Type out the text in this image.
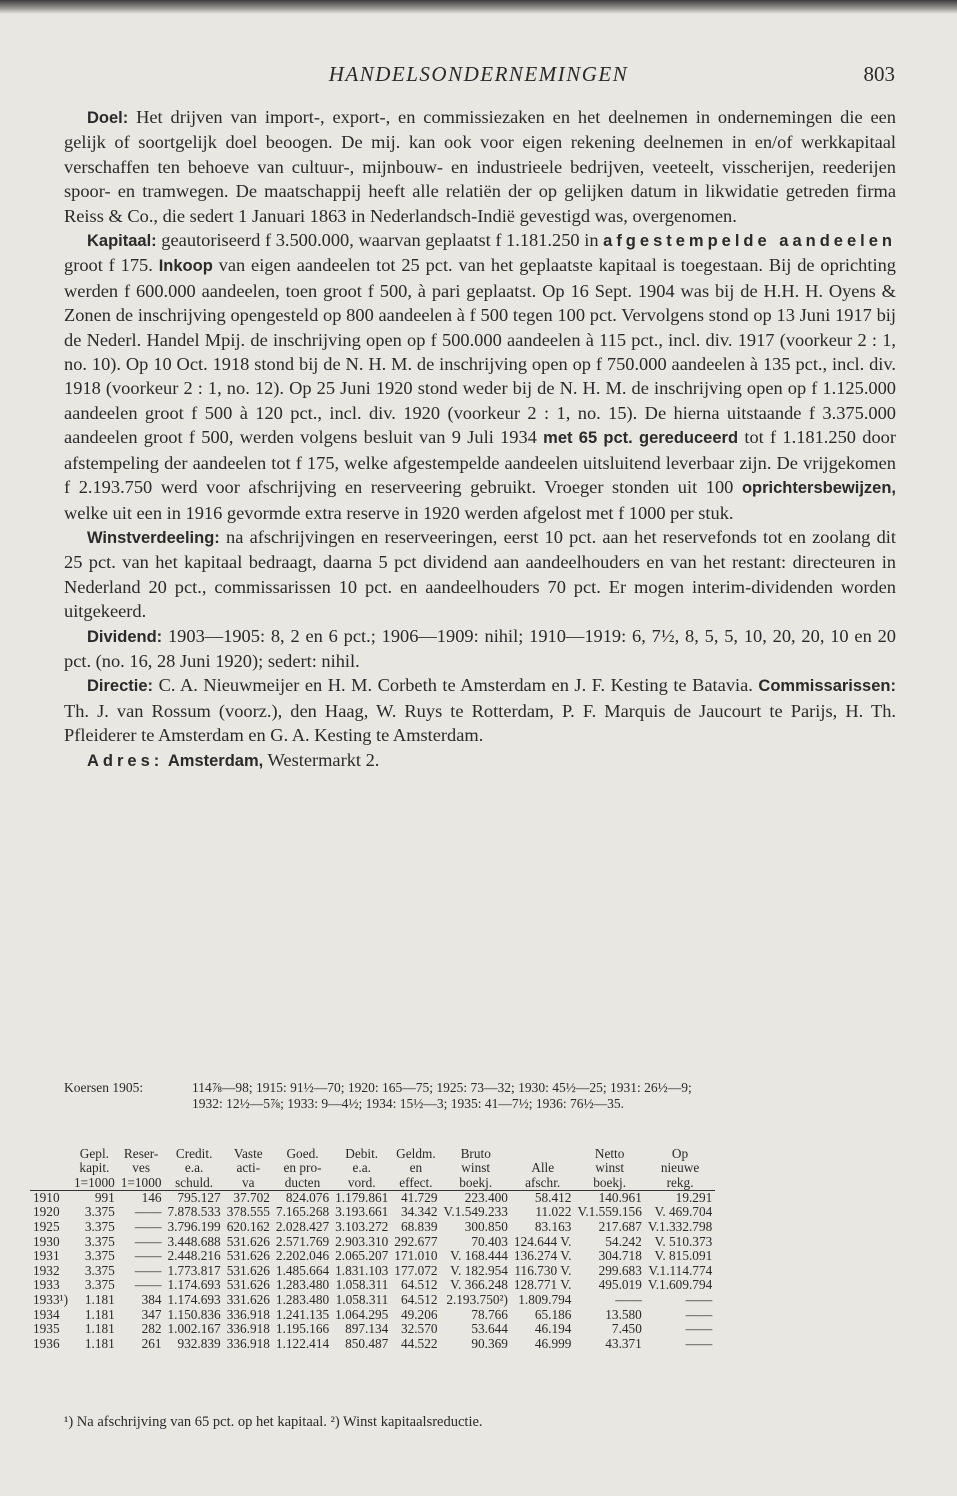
HANDELSONDERNEMINGEN	803

Doel: Het drijven van import-, export-, en commissiezaken en het deelnemen in ondernemingen die een gelijk of soortgelijk doel beoogen. De mij. kan ook voor eigen rekening deelnemen in en/of werkkapitaal verschaffen ten behoeve van cultuur-, mijnbouw- en industrieele bedrijven, veeteelt, visscherijen, reederijen spoor- en tramwegen. De maatschappij heeft alle relatiën der op gelijken datum in likwidatie getreden firma Reiss & Co., die sedert 1 Januari 1863 in Nederlandsch-Indië gevestigd was, overgenomen.

Kapitaal: geautoriseerd f 3.500.000, waarvan geplaatst f 1.181.250 in afgestempelde aandeelen groot f 175. Inkoop van eigen aandeelen tot 25 pct. van het geplaatste kapitaal is toegestaan. Bij de oprichting werden f 600.000 aandeelen, toen groot f 500, à pari geplaatst. Op 16 Sept. 1904 was bij de H.H. H. Oyens & Zonen de inschrijving opengesteld op 800 aandeelen à f 500 tegen 100 pct. Vervolgens stond op 13 Juni 1917 bij de Nederl. Handel Mpij. de inschrijving open op f 500.000 aandeelen à 115 pct., incl. div. 1917 (voorkeur 2 : 1, no. 10). Op 10 Oct. 1918 stond bij de N. H. M. de inschrijving open op f 750.000 aandeelen à 135 pct., incl. div. 1918 (voorkeur 2 : 1, no. 12). Op 25 Juni 1920 stond weder bij de N. H. M. de inschrijving open op f 1.125.000 aandeelen groot f 500 à 120 pct., incl. div. 1920 (voorkeur 2 : 1, no. 15). De hierna uitstaande f 3.375.000 aandeelen groot f 500, werden volgens besluit van 9 Juli 1934 met 65 pct. gereduceerd tot f 1.181.250 door afstempeling der aandeelen tot f 175, welke afgestempelde aandeelen uitsluitend leverbaar zijn. De vrijgekomen f 2.193.750 werd voor afschrijving en reserveering gebruikt. Vroeger stonden uit 100 oprichtersbewijzen, welke uit een in 1916 gevormde extra reserve in 1920 werden afgelost met f 1000 per stuk.

Winstverdeeling: na afschrijvingen en reserveeringen, eerst 10 pct. aan het reservefonds tot en zoolang dit 25 pct. van het kapitaal bedraagt, daarna 5 pct dividend aan aandeelhouders en van het restant: directeuren in Nederland 20 pct., commissarissen 10 pct. en aandeelhouders 70 pct. Er mogen interim-dividenden worden uitgekeerd.

Dividend: 1903—1905: 8, 2 en 6 pct.; 1906—1909: nihil; 1910—1919: 6, 7½, 8, 5, 5, 10, 20, 20, 10 en 20 pct. (no. 16, 28 Juni 1920); sedert: nihil.

Directie: C. A. Nieuwmeijer en H. M. Corbeth te Amsterdam en J. F. Kesting te Batavia. Commissarissen: Th. J. van Rossum (voorz.), den Haag, W. Ruys te Rotterdam, P. F. Marquis de Jaucourt te Parijs, H. Th. Pfleiderer te Amsterdam en G. A. Kesting te Amsterdam.

Adres: Amsterdam, Westermarkt 2.

Koersen 1905:	114⅞—98; 1915: 91½—70; 1920: 165—75; 1925: 73—32; 1930: 45½—25; 1931: 26½—9;
1932: 12½—5⅞; 1933: 9—4½; 1934: 15½—3; 1935: 41—7½; 1936: 76½—35.

	Gepl.
kapit.
1=1000	Reser-
ves
1=1000	Credit.
e.a.
schuld.	Vaste
acti-
va	Goed.
en pro-
ducten	Debit.
e.a.
vord.	Geldm.
en
effect.	Bruto
winst
boekj.	Alle
afschr.	Netto
winst
boekj.	Op
nieuwe
rekg.
1910	991	146	795.127	37.702	824.076	1.179.861	41.729	223.400	58.412	140.961	19.291
1920	3.375	——	7.878.533	378.555	7.165.268	3.193.661	34.342	V.1.549.233	11.022	V.1.559.156	V. 469.704
1925	3.375	——	3.796.199	620.162	2.028.427	3.103.272	68.839	300.850	83.163	217.687	V.1.332.798
1930	3.375	——	3.448.688	531.626	2.571.769	2.903.310	292.677	70.403	124.644 V.	54.242	V. 510.373
1931	3.375	——	2.448.216	531.626	2.202.046	2.065.207	171.010	V. 168.444	136.274 V.	304.718	V. 815.091
1932	3.375	——	1.773.817	531.626	1.485.664	1.831.103	177.072	V. 182.954	116.730 V.	299.683	V.1.114.774
1933	3.375	——	1.174.693	531.626	1.283.480	1.058.311	64.512	V. 366.248	128.771 V.	495.019	V.1.609.794
1933¹)	1.181	384	1.174.693	331.626	1.283.480	1.058.311	64.512	2.193.750²)	1.809.794	——	——
1934	1.181	347	1.150.836	336.918	1.241.135	1.064.295	49.206	78.766	65.186	13.580	——
1935	1.181	282	1.002.167	336.918	1.195.166	897.134	32.570	53.644	46.194	7.450	——
1936	1.181	261	932.839	336.918	1.122.414	850.487	44.522	90.369	46.999	43.371	——
¹) Na afschrijving van 65 pct. op het kapitaal. ²) Winst kapitaalsreductie.
